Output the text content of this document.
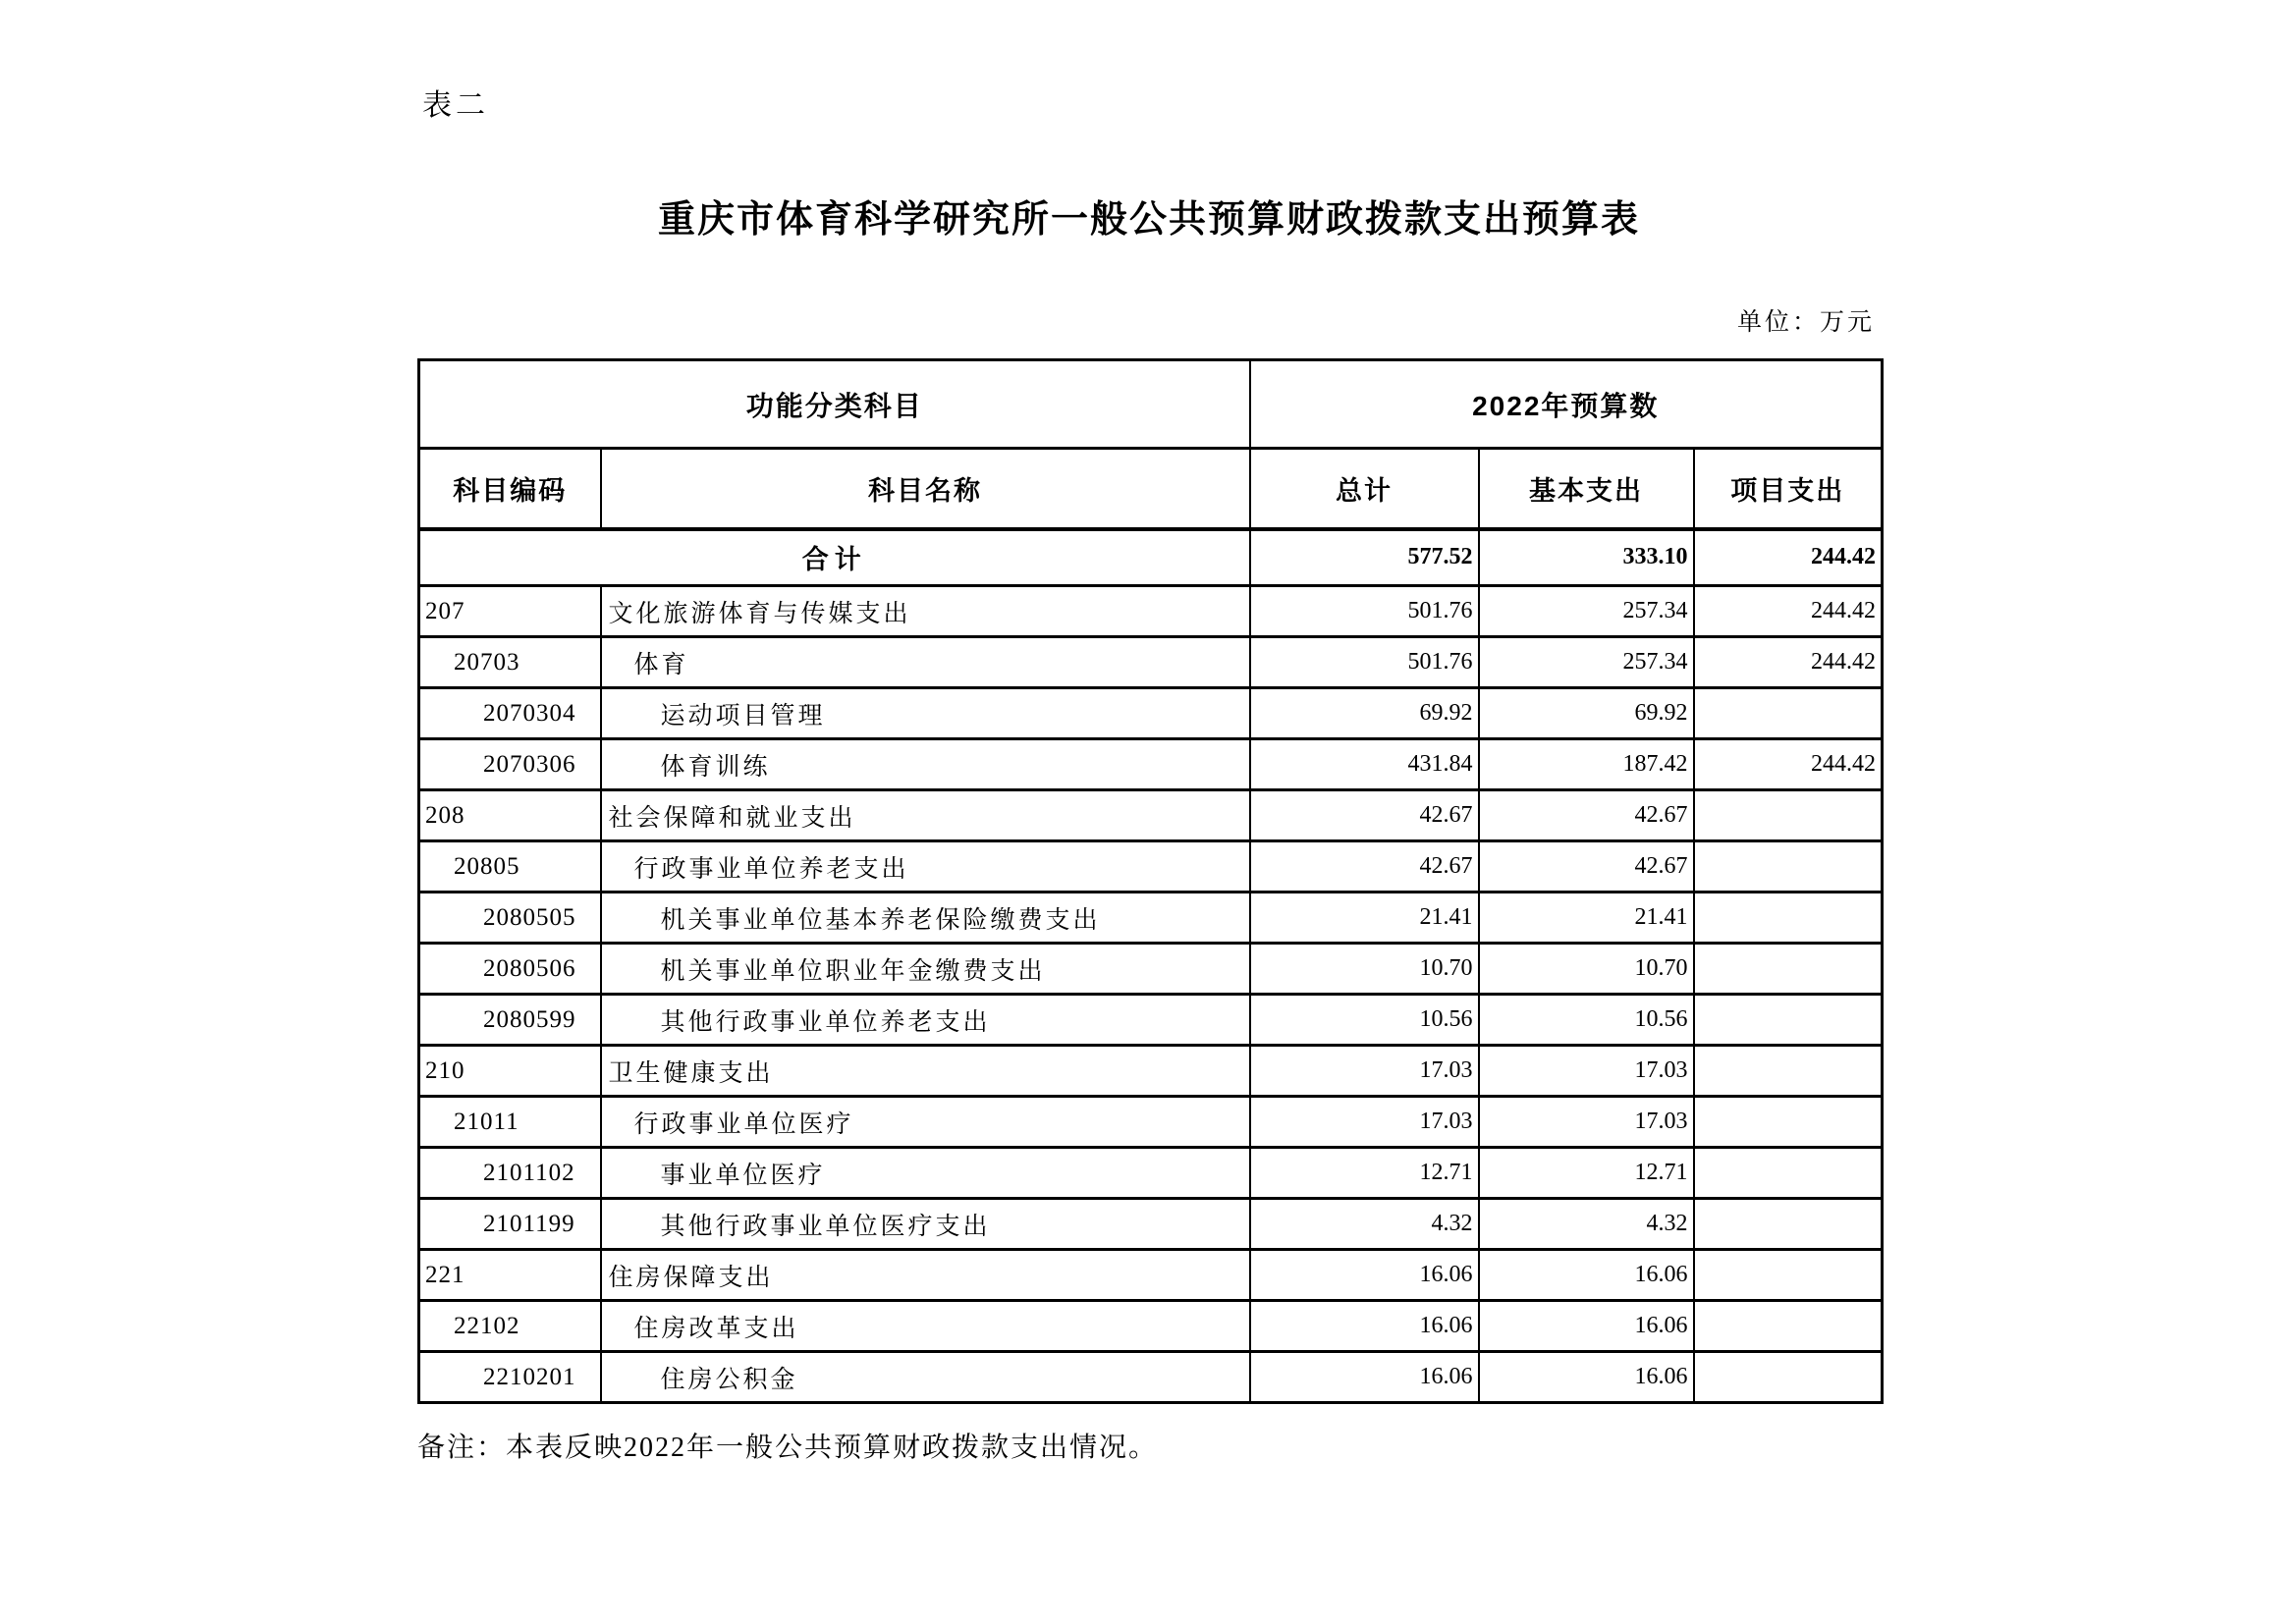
表二
重庆市体育科学研究所一般公共预算财政拨款支出预算表
单位：万元
功能分类科目		2022年预算数		
科目编码	科目名称	总计	基本支出	项目支出
合计		577.52	333.10	244.42
207	文化旅游体育与传媒支出	501.76	257.34	244.42
20703	体育	501.76	257.34	244.42
2070304	运动项目管理	69.92	69.92	
2070306	体育训练	431.84	187.42	244.42
208	社会保障和就业支出	42.67	42.67	
20805	行政事业单位养老支出	42.67	42.67	
2080505	机关事业单位基本养老保险缴费支出	21.41	21.41	
2080506	机关事业单位职业年金缴费支出	10.70	10.70	
2080599	其他行政事业单位养老支出	10.56	10.56	
210	卫生健康支出	17.03	17.03	
21011	行政事业单位医疗	17.03	17.03	
2101102	事业单位医疗	12.71	12.71	
2101199	其他行政事业单位医疗支出	4.32	4.32	
221	住房保障支出	16.06	16.06	
22102	住房改革支出	16.06	16.06	
2210201	住房公积金	16.06	16.06	
备注：本表反映2022年一般公共预算财政拨款支出情况。
